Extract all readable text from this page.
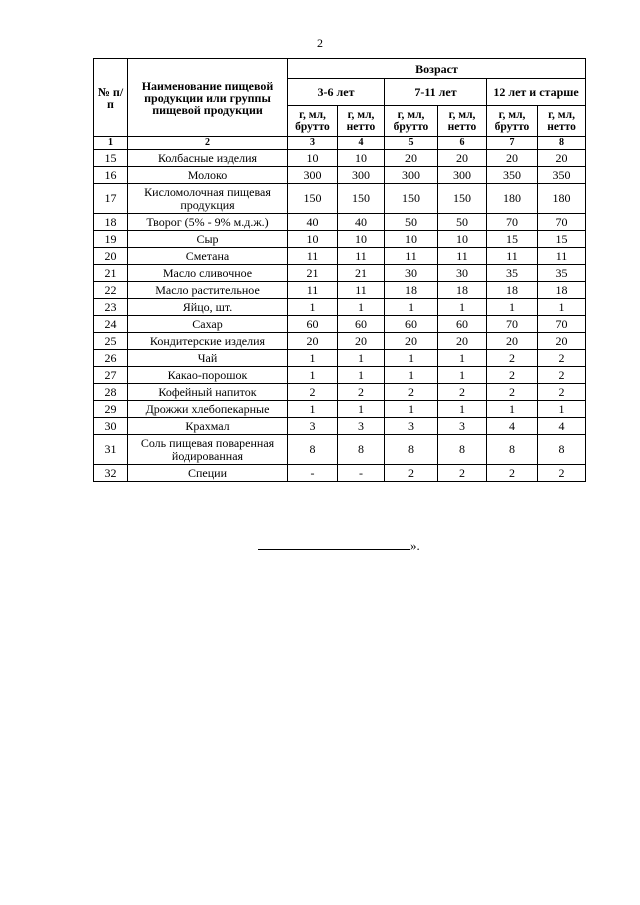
2
№ п/п	Наименование пищевой продукции или группы пищевой продукции	Возраст					
		3-6 лет		7-11 лет		12 лет и старше	
		г, мл, брутто	г, мл, нетто	г, мл, брутто	г, мл, нетто	г, мл, брутто	г, мл, нетто
1	2	3	4	5	6	7	8
15	Колбасные изделия	10	10	20	20	20	20
16	Молоко	300	300	300	300	350	350
17	Кисломолочная пищевая продукция	150	150	150	150	180	180
18	Творог (5% - 9% м.д.ж.)	40	40	50	50	70	70
19	Сыр	10	10	10	10	15	15
20	Сметана	11	11	11	11	11	11
21	Масло сливочное	21	21	30	30	35	35
22	Масло растительное	11	11	18	18	18	18
23	Яйцо, шт.	1	1	1	1	1	1
24	Сахар	60	60	60	60	70	70
25	Кондитерские изделия	20	20	20	20	20	20
26	Чай	1	1	1	1	2	2
27	Какао-порошок	1	1	1	1	2	2
28	Кофейный напиток	2	2	2	2	2	2
29	Дрожжи хлебопекарные	1	1	1	1	1	1
30	Крахмал	3	3	3	3	4	4
31	Соль пищевая поваренная йодированная	8	8	8	8	8	8
32	Специи	-	-	2	2	2	2
».
